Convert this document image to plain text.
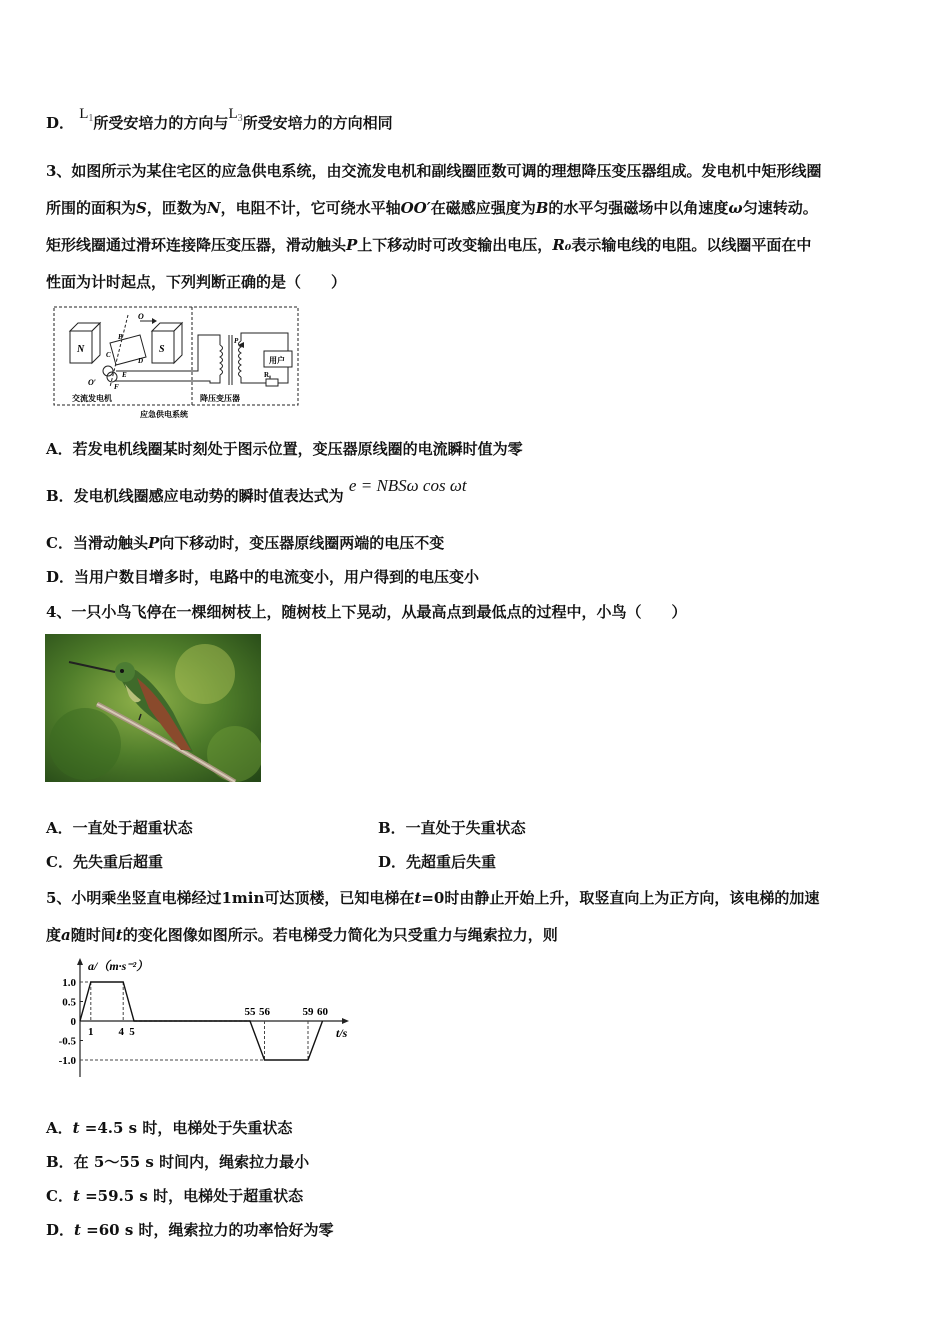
D． $L^1$所受安培力的方向与$L^3$所受安培力的方向相同
3、如图所示为某住宅区的应急供电系统，由交流发电机和副线圈匝数可调的理想降压变压器组成。发电机中矩形线圈
所围的面积为S，匝数为N，电阻不计，它可绕水平轴OO′在磁感应强度为B的水平匀强磁场中以角速度ω匀速转动。
矩形线圈通过滑环连接降压变压器，滑动触头P上下移动时可改变输出电压，R₀表示输电线的电阻。以线圈平面在中
性面为计时起点，下列判断正确的是（　　）
N	S
O
O′
B
C
D
E
F
P
R₀
用户
交流发电机	降压变压器
应急供电系统
A．若发电机线圈某时刻处于图示位置，变压器原线圈的电流瞬时值为零
B．发电机线圈感应电动势的瞬时值表达式为 e = NBSω cos ωt
C．当滑动触头P向下移动时，变压器原线圈两端的电压不变
D．当用户数目增多时，电路中的电流变小，用户得到的电压变小
4、一只小鸟飞停在一棵细树枝上，随树枝上下晃动，从最高点到最低点的过程中，小鸟（　　）
A．一直处于超重状态	B．一直处于失重状态
C．先失重后超重	D．先超重后失重
5、小明乘坐竖直电梯经过1min可达顶楼，已知电梯在t=0时由静止开始上升，取竖直向上为正方向，该电梯的加速
度a随时间t的变化图像如图所示。若电梯受力简化为只受重力与绳索拉力，则
a/（m·s⁻²）
t/s
1.0
0.5
0
-0.5
-1.0
1 4 5
55 56	59 60
A．t =4.5 s 时，电梯处于失重状态
B．在 5～55 s 时间内，绳索拉力最小
C．t =59.5 s 时，电梯处于超重状态
D．t =60 s 时，绳索拉力的功率恰好为零
